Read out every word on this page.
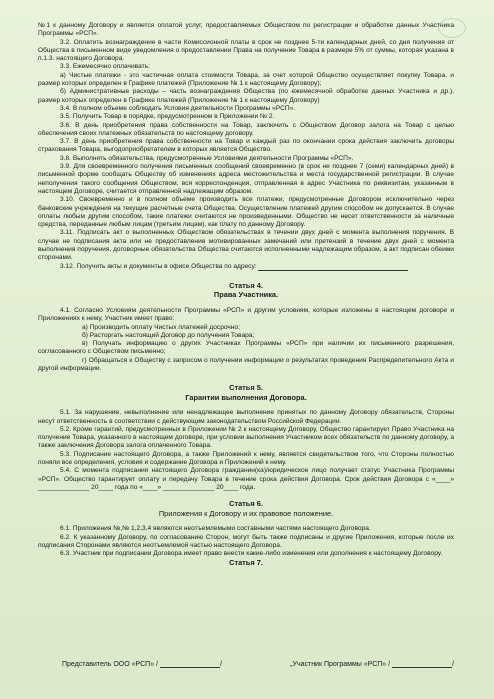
№1 к данному Договору и является оплатой услуг, предоставляемых Обществом по регистрации и обработке данных Участника Программы «РСП».

3.2. Оплатить вознаграждение в части Комиссионной платы в срок не позднее 5-ти календарных дней, со дня получения от Общества в письменном виде уведомления о предоставлении Права на получение Товара в размере 5% от суммы, которая указана в п.1.3. настоящего Договора.

3.3. Ежемесячно оплачивать:

а) Чистые платежи - это частичная оплата стоимости Товара, за счет которой Общество осуществляет покупку Товара, и размер которых определен в Графике платежей (Приложение № 1 к настоящему Договору);

б) Административные расходы – часть вознаграждения Общества (по ежемесячной обработке данных Участника и др.), размер которых определен в Графике платежей (Приложение № 1 к настоящему Договору)

3.4. В полном объеме соблюдать Условия деятельности Программы «РСП».

3.5. Получить Товар в порядке, предусмотренном в Приложении № 2.

3.6. В день приобретения права собственности на Товар, заключить с Обществом Договор залога на Товар с целью обеспечения своих платежных обязательств по настоящему договору.

3.7. В день приобретения права собственности на Товар и каждый раз по окончании срока действия заключить договоры страхования Товара, выгодоприобретателем в которых является Общество.

3.8. Выполнять обязательства, предусмотренные Условиями деятельности Программы «РСП».

3.9. Для своевременного получения письменных сообщений своевременно (в срок не позднее 7 (семи) календарных дней) в письменной форме сообщать Обществу об изменениях адреса местожительства и места государственной регистрации. В случае неполучения такого сообщения Обществом, вся корреспонденция, отправленная в адрес Участника по реквизитам, указанным в настоящем Договоре, считается отправленной надлежащим образом.

3.10. Своевременно и в полном объеме производить все платежи, предусмотренные Договором исключительно через банковские учреждения на текущие расчетные счета Общества. Осуществление платежей другим способом не допускается. В случае оплаты любым другим способом, такие платежи считаются не произведенными. Общество не несет ответственности за наличные средства, переданные любым лицам (третьим лицам), как плату по данному Договору.

3.11. Подписать акт о выполненных Обществом обязательствах в течении двух дней с момента выполнения поручения. В случае не подписания акта или не предоставления мотивированных замечаний или претензий в течение двух дней с момента выполнения поручения, договорные обязательства Общества считаются исполненными надлежащим образом, а акт подписан обеими сторонами.

3.12. Получить акты и документы в офисе Общества по адресу:

Статья 4.

Права Участника.

4.1. Согласно Условиям деятельности Программы «РСП» и другим условиям, которые изложены в настоящем договоре и Приложениях к нему, Участник имеет право:

а) Производить оплату Чистых платежей досрочно;

б) Расторгать настоящий Договор до получения Товара;

в) Получать информацию о других Участниках Программы «РСП» при наличии их письменного разрешения, согласованного с Обществом письменно;

г) Обращаться к Обществу с запросом о получении информации о результатах проведения Распределительного Акта и другой информации.

Статья 5.

Гарантии выполнения Договора.

5.1. За нарушение, невыполнение или ненадлежащее выполнение принятых по данному Договору обязательств, Стороны несут ответственность в соответствии с действующим законодательством Российской Федерации.

5.2. Кроме гарантий, предусмотренных в Приложении № 2 к настоящему Договору, Общество гарантирует Право Участника на получение Товара, указанного в настоящем договоре, при условии выполнения Участником всех обязательств по данному договору, а также заключения Договора залога оплаченного Товара.

5.3. Подписание настоящего Договора, а также Приложений к нему, является свидетельством того, что Стороны полностью поняли все определения, условия и содержание Договора и Приложений к нему.

5.4. С момента подписания настоящего Договора гражданин(ка)/юридическое лицо получает статус Участника Программы «РСП». Общество гарантирует оплату и передачу Товара в течение срока действия Договора. Срок действия Договора с «____» ______________ 20____ года по «____» ______________ 20____ года.

Статья 6.

Приложения к Договору и их правовое положение.

6.1. Приложения №,№ 1,2,3,4 являются неотъемлемыми составными частями настоящего Договора.

6.2. К указанному Договору, по согласованию Сторон, могут быть также подписаны и другие Приложения, которые после их подписания Сторонами являются неотъемлемой частью настоящего Договора.

6.3. Участник при подписании Договора имеет право внести какие-либо изменения или дополнения к настоящему Договору.

Статья 7.

Представитель ООО «РСП» /	/	„Участник Программы «РСП» /	/
